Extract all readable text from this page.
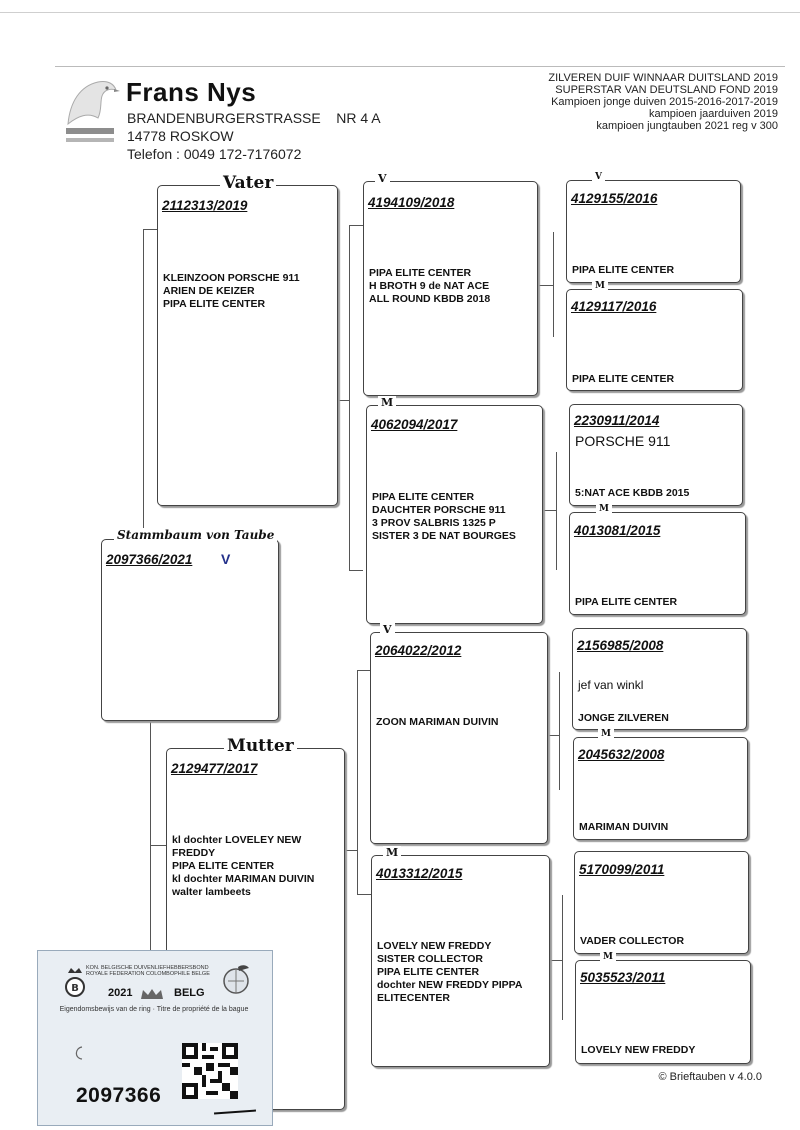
Frans Nys
BRANDENBURGERSTRASSE    NR 4 A
14778 ROSKOW
Telefon : 0049 172-7176072
ZILVEREN DUIF WINNAAR DUITSLAND 2019
SUPERSTAR VAN DEUTSLAND FOND 2019
Kampioen jonge duiven 2015-2016-2017-2019
kampioen jaarduiven 2019
kampioen jungtauben 2021 reg v 300
2112313/2019
KLEINZOON PORSCHE 911
ARIEN DE KEIZER
PIPA ELITE CENTER
Vater
2097366/2021 V
Stammbaum von Taube
2129477/2017
kl dochter LOVELEY NEW
FREDDY
PIPA ELITE CENTER
kl dochter MARIMAN DUIVIN
walter lambeets
Mutter
4194109/2018
PIPA ELITE CENTER
H BROTH 9 de NAT ACE
ALL ROUND KBDB 2018
V
4062094/2017
PIPA ELITE CENTER
DAUCHTER PORSCHE 911
3 PROV SALBRIS 1325 P
SISTER 3 DE NAT BOURGES
M
2064022/2012
ZOON MARIMAN DUIVIN
V
4013312/2015
LOVELY NEW FREDDY
SISTER COLLECTOR
PIPA ELITE CENTER
dochter NEW FREDDY PIPPA
ELITECENTER
M
4129155/2016
PIPA ELITE CENTER
V
4129117/2016
PIPA ELITE CENTER
M
2230911/2014
PORSCHE 911
5:NAT ACE KBDB 2015
4013081/2015
PIPA ELITE CENTER
M
2156985/2008
jef van winkl
JONGE ZILVEREN
2045632/2008
MARIMAN DUIVIN
M
5170099/2011
VADER COLLECTOR
5035523/2011
LOVELY NEW FREDDY
M
© Brieftauben v 4.0.0
B
KON. BELGISCHE DUIVENLIEFHEBBERSBOND
ROYALE FEDERATION COLOMBOPHILE BELGE
2021	BELG
Eigendomsbewijs van de ring · Titre de propriété de la bague
2097366
